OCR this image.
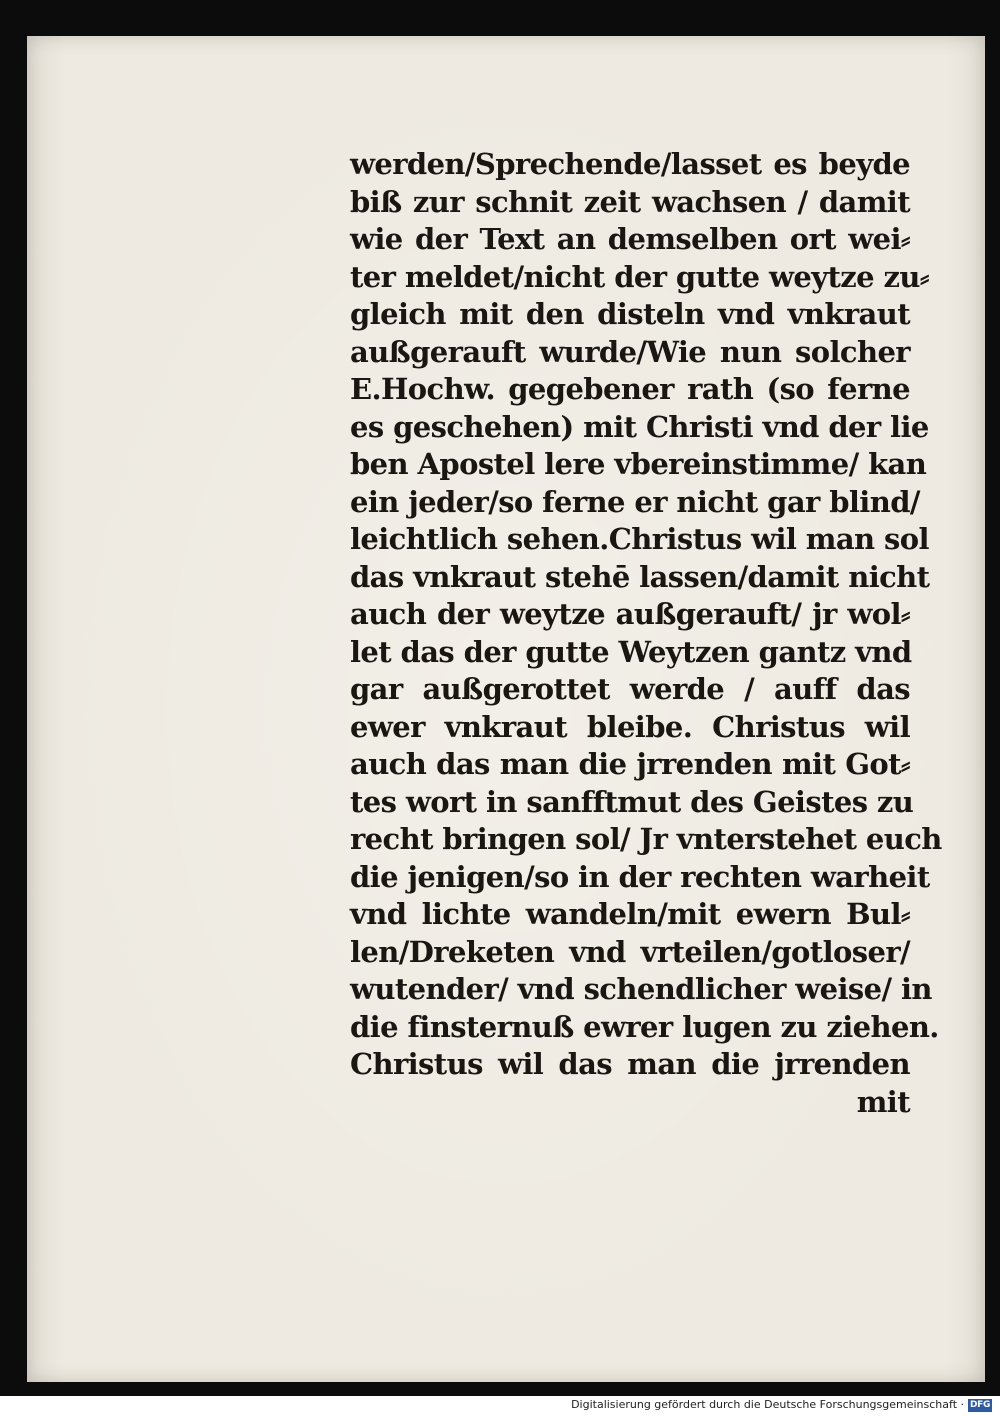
werden/Sprechende/lasset es beyde
biß zur schnit zeit wachsen / damit
wie der Text an demselben ort wei⸗
ter meldet/nicht der gutte weytze zu⸗
gleich mit den disteln vnd vnkraut
außgerauft wurde/Wie nun solcher
E.Hochw. gegebener rath (so ferne
es geschehen) mit Christi vnd der lie
ben Apostel lere vbereinstimme/ kan
ein jeder/so ferne er nicht gar blind/
leichtlich sehen.Christus wil man sol
das vnkraut stehē lassen/damit nicht
auch der weytze außgerauft/ jr wol⸗
let das der gutte Weytzen gantz vnd
gar außgerottet werde / auff das
ewer vnkraut bleibe. Christus wil
auch das man die jrrenden mit Got⸗
tes wort in sanfftmut des Geistes zu
recht bringen sol/ Jr vnterstehet euch
die jenigen/so in der rechten warheit
vnd lichte wandeln/mit ewern Bul⸗
len/Dreketen vnd vrteilen/gotloser/
wutender/ vnd schendlicher weise/ in
die finsternuß ewrer lugen zu ziehen.
Christus wil das man die jrrenden
mit
Digitalisierung gefördert durch die Deutsche Forschungsgemeinschaft · DFG
